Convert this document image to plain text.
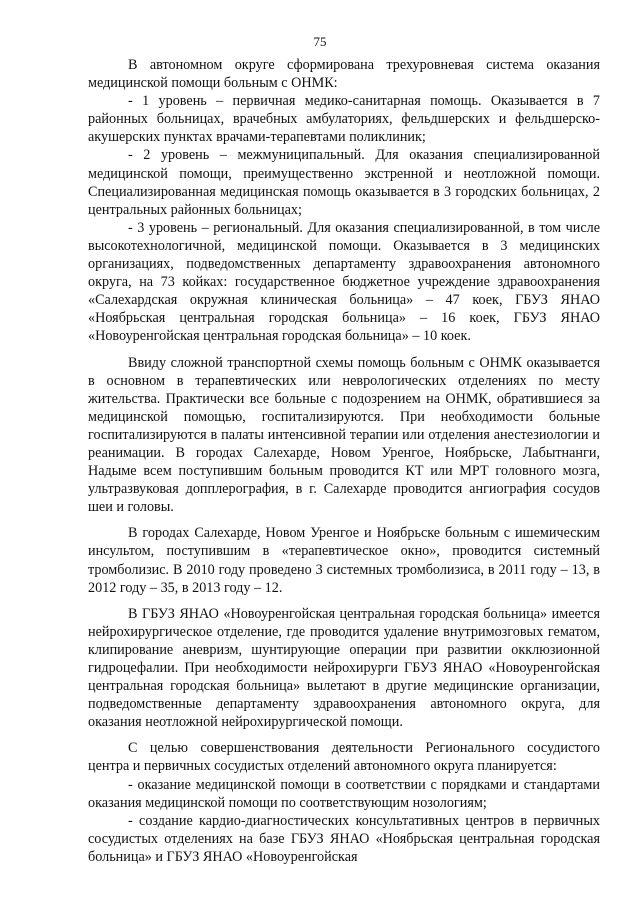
75

В автономном округе сформирована трехуровневая система оказания медицинской помощи больным с ОНМК:

- 1 уровень – первичная медико-санитарная помощь. Оказывается в 7 районных больницах, врачебных амбулаториях, фельдшерских и фельдшерско-акушерских пунктах врачами-терапевтами поликлиник;

- 2 уровень – межмуниципальный. Для оказания специализированной медицинской помощи, преимущественно экстренной и неотложной помощи. Специализированная медицинская помощь оказывается в 3 городских больницах, 2 центральных районных больницах;

- 3 уровень – региональный. Для оказания специализированной, в том числе высокотехнологичной, медицинской помощи. Оказывается в 3 медицинских организациях, подведомственных департаменту здравоохранения автономного округа, на 73 койках: государственное бюджетное учреждение здравоохранения «Салехардская окружная клиническая больница» – 47 коек, ГБУЗ ЯНАО «Ноябрьская центральная городская больница» – 16 коек, ГБУЗ ЯНАО «Новоуренгойская центральная городская больница» – 10 коек.

Ввиду сложной транспортной схемы помощь больным с ОНМК оказывается в основном в терапевтических или неврологических отделениях по месту жительства. Практически все больные с подозрением на ОНМК, обратившиеся за медицинской помощью, госпитализируются. При необходимости больные госпитализируются в палаты интенсивной терапии или отделения анестезиологии и реанимации. В городах Салехарде, Новом Уренгое, Ноябрьске, Лабытнанги, Надыме всем поступившим больным проводится КТ или МРТ головного мозга, ультразвуковая допплерография, в г. Салехарде проводится ангиография сосудов шеи и головы.

В городах Салехарде, Новом Уренгое и Ноябрьске больным с ишемическим инсультом, поступившим в «терапевтическое окно», проводится системный тромболизис. В 2010 году проведено 3 системных тромболизиса, в 2011 году – 13, в 2012 году – 35, в 2013 году – 12.

В ГБУЗ ЯНАО «Новоуренгойская центральная городская больница» имеется нейрохирургическое отделение, где проводится удаление внутримозговых гематом, клипирование аневризм, шунтирующие операции при развитии окклюзионной гидроцефалии. При необходимости нейрохирурги ГБУЗ ЯНАО «Новоуренгойская центральная городская больница» вылетают в другие медицинские организации, подведомственные департаменту здравоохранения автономного округа, для оказания неотложной нейрохирургической помощи.

С целью совершенствования деятельности Регионального сосудистого центра и первичных сосудистых отделений автономного округа планируется:

- оказание медицинской помощи в соответствии с порядками и стандартами оказания медицинской помощи по соответствующим нозологиям;

- создание кардио-диагностических консультативных центров в первичных сосудистых отделениях на базе ГБУЗ ЯНАО «Ноябрьская центральная городская больница» и ГБУЗ ЯНАО «Новоуренгойская
